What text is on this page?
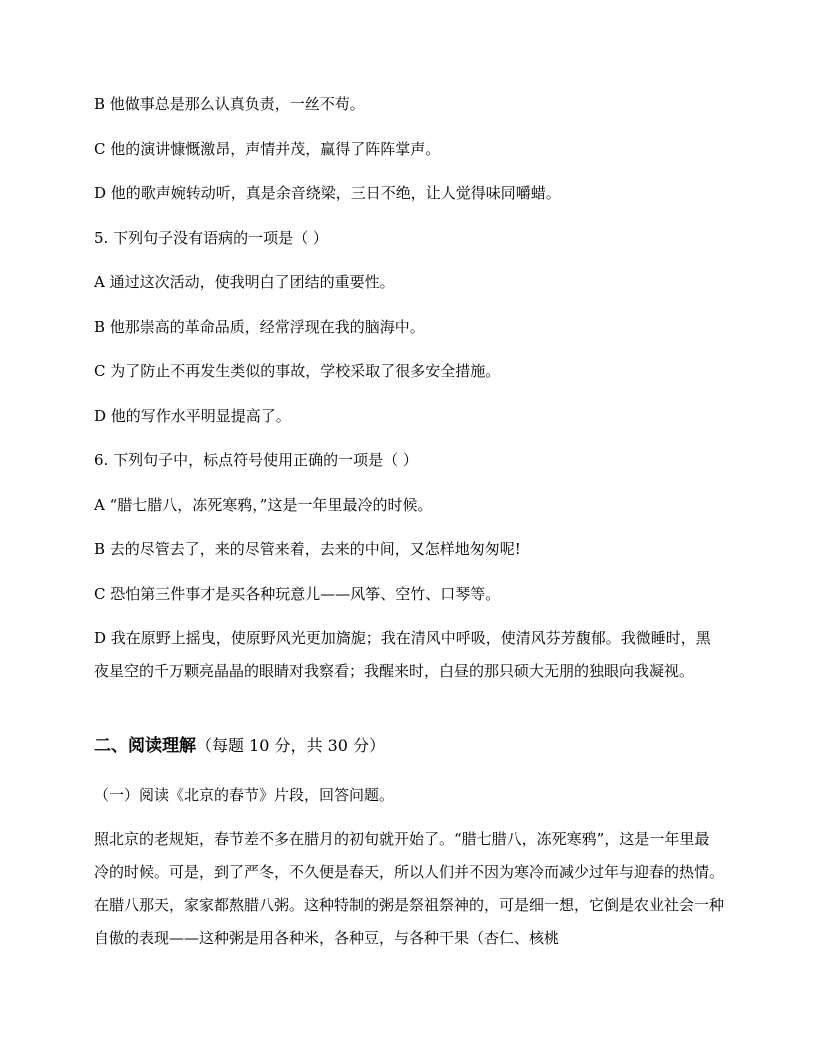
B 他做事总是那么认真负责，一丝不苟。
C 他的演讲慷慨激昂，声情并茂，赢得了阵阵掌声。
D 他的歌声婉转动听，真是余音绕梁，三日不绝，让人觉得味同嚼蜡。
5. 下列句子没有语病的一项是（ ）
A 通过这次活动，使我明白了团结的重要性。
B 他那崇高的革命品质，经常浮现在我的脑海中。
C 为了防止不再发生类似的事故，学校采取了很多安全措施。
D 他的写作水平明显提高了。
6. 下列句子中，标点符号使用正确的一项是（ ）
A “腊七腊八，冻死寒鸦，”这是一年里最冷的时候。
B 去的尽管去了，来的尽管来着，去来的中间，又怎样地匆匆呢!
C 恐怕第三件事才是买各种玩意儿——风筝、空竹、口琴等。
D 我在原野上摇曳，使原野风光更加旖旎；我在清风中呼吸，使清风芬芳馥郁。我微睡时，黑夜星空的千万颗亮晶晶的眼睛对我察看；我醒来时，白昼的那只硕大无朋的独眼向我凝视。
二、阅读理解（每题 10 分，共 30 分）
（一）阅读《北京的春节》片段，回答问题。
照北京的老规矩，春节差不多在腊月的初旬就开始了。“腊七腊八，冻死寒鸦”，这是一年里最冷的时候。可是，到了严冬，不久便是春天，所以人们并不因为寒冷而减少过年与迎春的热情。在腊八那天，家家都熬腊八粥。这种特制的粥是祭祖祭神的，可是细一想，它倒是农业社会一种自傲的表现——这种粥是用各种米，各种豆，与各种干果（杏仁、核桃
